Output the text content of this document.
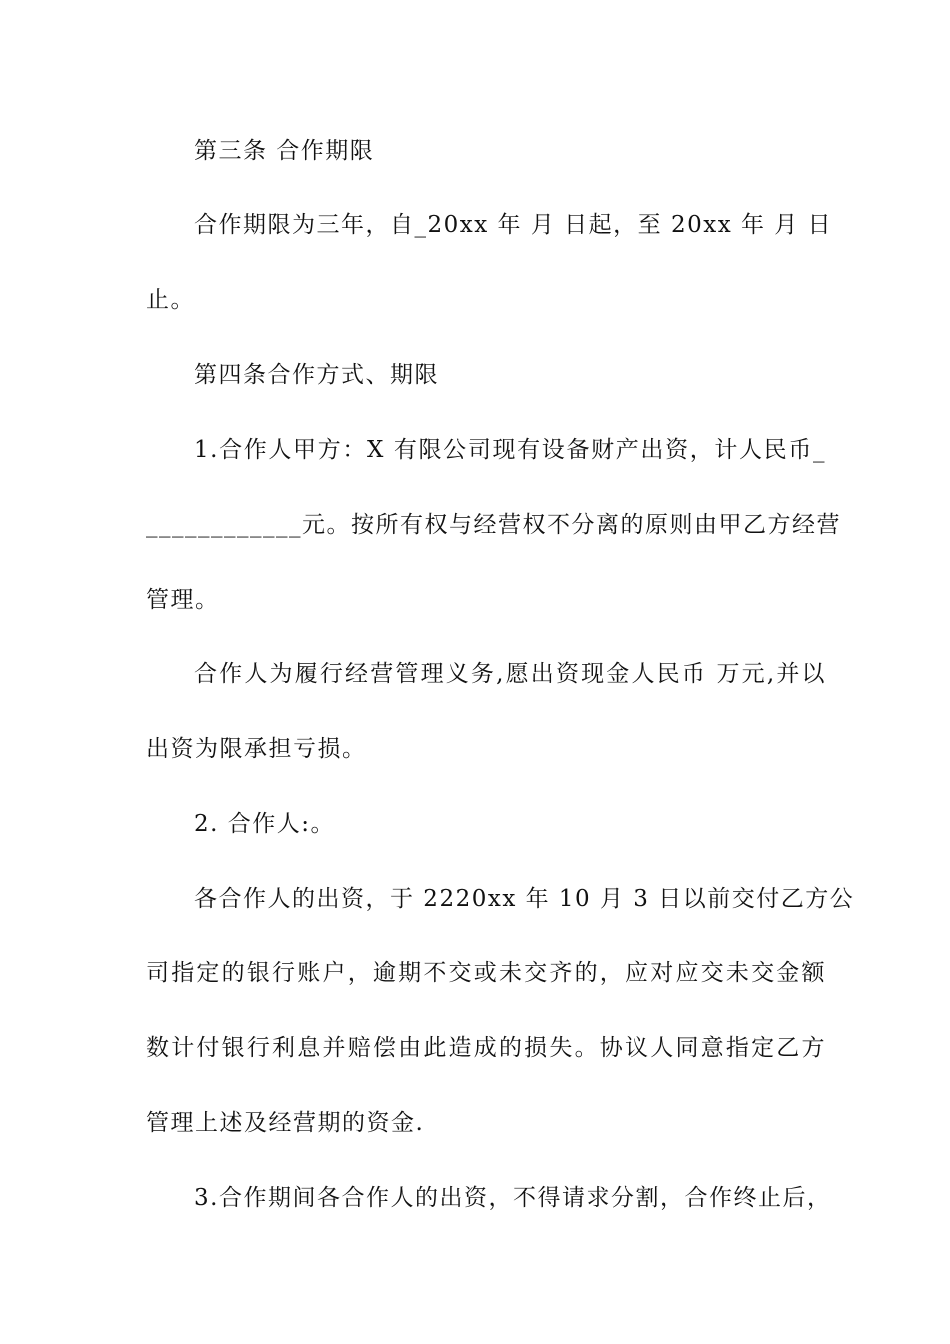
第三条 合作期限
合作期限为三年，自_20xx 年 月 日起，至 20xx 年 月 日
止。
第四条合作方式、期限
1.合作人甲方：X 有限公司现有设备财产出资，计人民币_
____________元。按所有权与经营权不分离的原则由甲乙方经营
管理。
合作人为履行经营管理义务,愿出资现金人民币 万元,并以
出资为限承担亏损。
2. 合作人:。
各合作人的出资，于 2220xx 年 10 月 3 日以前交付乙方公
司指定的银行账户，逾期不交或未交齐的，应对应交未交金额
数计付银行利息并赔偿由此造成的损失。协议人同意指定乙方
管理上述及经营期的资金.
3.合作期间各合作人的出资，不得请求分割，合作终止后，
